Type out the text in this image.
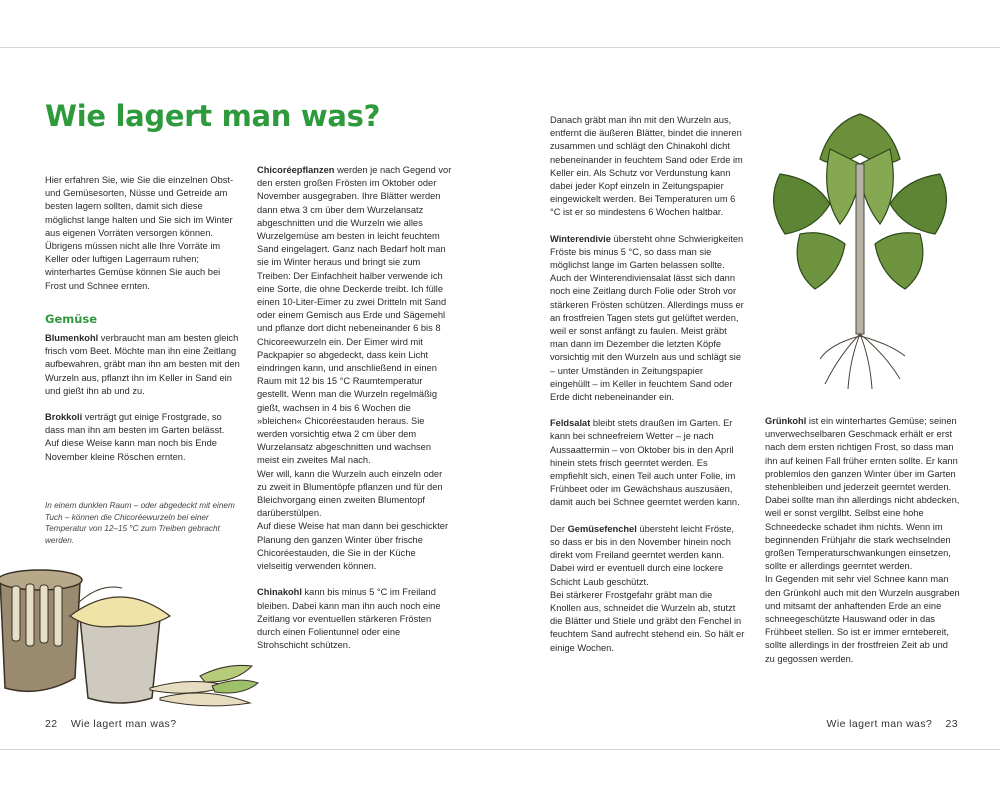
Wie lagert man was?

Hier erfahren Sie, wie Sie die einzelnen Obst- und Gemüsesorten, Nüsse und Getreide am besten lagern sollten, damit sich diese möglichst lange halten und Sie sich im Winter aus eigenen Vorräten versorgen können. Übrigens müssen nicht alle Ihre Vorräte im Keller oder luftigen Lagerraum ruhen; winterhartes Gemüse können Sie auch bei Frost und Schnee ernten.

Gemüse

Blumenkohl verbraucht man am besten gleich frisch vom Beet. Möchte man ihn eine Zeitlang aufbewahren, gräbt man ihn am besten mit den Wurzeln aus, pflanzt ihn im Keller in Sand ein und gießt ihn ab und zu.

Brokkoli verträgt gut einige Frostgrade, so dass man ihn am besten im Garten belässt. Auf diese Weise kann man noch bis Ende November kleine Röschen ernten.

In einem dunklen Raum – oder abgedeckt mit einem Tuch – können die Chicoréewurzeln bei einer Temperatur von 12–15 °C zum Treiben gebracht werden.

Chicoréepflanzen werden je nach Gegend vor den ersten großen Frösten im Oktober oder November ausgegraben. Ihre Blätter werden dann etwa 3 cm über dem Wurzelansatz abgeschnitten und die Wurzeln wie alles Wurzelgemüse am besten in leicht feuchtem Sand eingelagert. Ganz nach Bedarf holt man sie im Winter heraus und bringt sie zum Treiben: Der Einfachheit halber verwende ich eine Sorte, die ohne Deckerde treibt. Ich fülle einen 10-Liter-Eimer zu zwei Dritteln mit Sand oder einem Gemisch aus Erde und Sägemehl und pflanze dort dicht nebeneinander 6 bis 8 Chicoreewurzeln ein. Der Eimer wird mit Packpapier so abgedeckt, dass kein Licht eindringen kann, und anschließend in einen Raum mit 12 bis 15 °C Raumtemperatur gestellt. Wenn man die Wurzeln regelmäßig gießt, wachsen in 4 bis 6 Wochen die »bleichen« Chicoréestauden heraus. Sie werden vorsichtig etwa 2 cm über dem Wurzelansatz abgeschnitten und wachsen meist ein zweites Mal nach.

Wer will, kann die Wurzeln auch einzeln oder zu zweit in Blumentöpfe pflanzen und für den Bleichvorgang einen zweiten Blumentopf darüberstülpen.

Auf diese Weise hat man dann bei geschickter Planung den ganzen Winter über frische Chicoréestauden, die Sie in der Küche vielseitig verwenden können.

Chinakohl kann bis minus 5 °C im Freiland bleiben. Dabei kann man ihn auch noch eine Zeitlang vor eventuellen stärkeren Frösten durch einen Folientunnel oder eine Strohschicht schützen.

Danach gräbt man ihn mit den Wurzeln aus, entfernt die äußeren Blätter, bindet die inneren zusammen und schlägt den Chinakohl dicht nebeneinander in feuchtem Sand oder Erde im Keller ein. Als Schutz vor Verdunstung kann dabei jeder Kopf einzeln in Zeitungspapier eingewickelt werden. Bei Temperaturen um 6 °C ist er so mindestens 6 Wochen haltbar.

Winterendivie übersteht ohne Schwierigkeiten Fröste bis minus 5 °C, so dass man sie möglichst lange im Garten belassen sollte. Auch der Winterendiviensalat lässt sich dann noch eine Zeitlang durch Folie oder Stroh vor stärkeren Frösten schützen. Allerdings muss er an frostfreien Tagen stets gut gelüftet werden, weil er sonst anfängt zu faulen. Meist gräbt man dann im Dezember die letzten Köpfe vorsichtig mit den Wurzeln aus und schlägt sie – unter Umständen in Zeitungspapier eingehüllt – im Keller in feuchtem Sand oder Erde dicht nebeneinander ein.

Feldsalat bleibt stets draußen im Garten. Er kann bei schneefreiem Wetter – je nach Aussaattermin – von Oktober bis in den April hinein stets frisch geerntet werden. Es empfiehlt sich, einen Teil auch unter Folie, im Frühbeet oder im Gewächshaus auszusäen, damit auch bei Schnee geerntet werden kann.

Der Gemüsefenchel übersteht leicht Fröste, so dass er bis in den November hinein noch direkt vom Freiland geerntet werden kann. Dabei wird er eventuell durch eine lockere Schicht Laub geschützt.

Bei stärkerer Frostgefahr gräbt man die Knollen aus, schneidet die Wurzeln ab, stutzt die Blätter und Stiele und gräbt den Fenchel in feuchtem Sand aufrecht stehend ein. So hält er einige Wochen.

Grünkohl ist ein winterhartes Gemüse; seinen unverwechselbaren Geschmack erhält er erst nach dem ersten richtigen Frost, so dass man ihn auf keinen Fall früher ernten sollte. Er kann problemlos den ganzen Winter über im Garten stehenbleiben und jederzeit geerntet werden. Dabei sollte man ihn allerdings nicht abdecken, weil er sonst vergilbt. Selbst eine hohe Schneedecke schadet ihm nichts. Wenn im beginnenden Frühjahr die stark wechselnden großen Temperaturschwankungen einsetzen, sollte er allerdings geerntet werden.

In Gegenden mit sehr viel Schnee kann man den Grünkohl auch mit den Wurzeln ausgraben und mitsamt der anhaftenden Erde an eine schneegeschützte Hauswand oder in das Frühbeet stellen. So ist er immer erntebereit, sollte allerdings in der frostfreien Zeit ab und zu gegossen werden.

22 Wie lagert man was?	Wie lagert man was? 23
